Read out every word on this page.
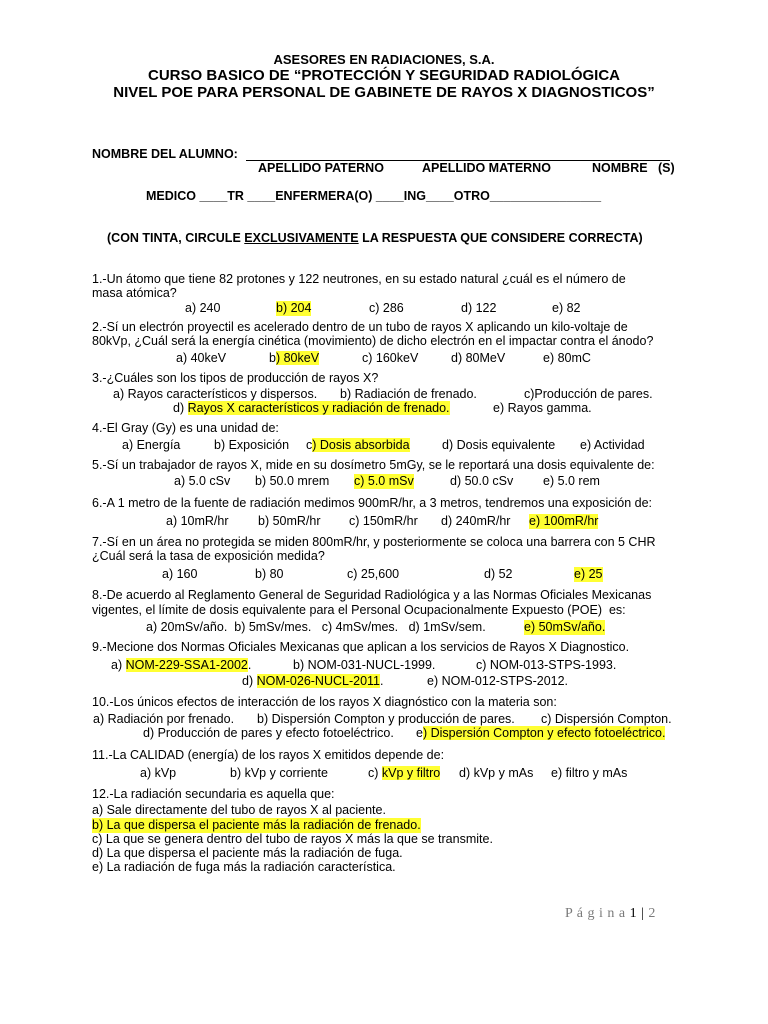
ASESORES EN RADIACIONES, S.A.
CURSO BASICO DE “PROTECCIÓN Y SEGURIDAD RADIOLÓGICA
NIVEL POE PARA PERSONAL DE GABINETE DE RAYOS X DIAGNOSTICOS”
NOMBRE DEL ALUMNO:
APELLIDO PATERNO	APELLIDO MATERNO	NOMBRE   (S)
MEDICO ____TR ____ENFERMERA(O) ____ING____OTRO________________
(CON TINTA, CIRCULE EXCLUSIVAMENTE LA RESPUESTA QUE CONSIDERE CORRECTA)
1.-Un átomo que tiene 82 protones y 122 neutrones, en su estado natural ¿cuál es el número de
masa atómica?
a) 240	b) 204	c) 286	d) 122	e) 82
2.-Sí un electrón proyectil es acelerado dentro de un tubo de rayos X aplicando un kilo-voltaje de
80kVp, ¿Cuál será la energía cinética (movimiento) de dicho electrón en el impactar contra el ánodo?
a) 40keV	b) 80keV	c) 160keV	d) 80MeV	e) 80mC
3.-¿Cuáles son los tipos de producción de rayos X?
a) Rayos característicos y dispersos. b) Radiación de frenado.	c)Producción de pares.
d) Rayos X característicos y radiación de frenado.	e) Rayos gamma.
4.-El Gray (Gy) es una unidad de:
a) Energía	b) Exposición c) Dosis absorbida	d) Dosis equivalente e) Actividad
5.-Sí un trabajador de rayos X, mide en su dosímetro 5mGy, se le reportará una dosis equivalente de:
a) 5.0 cSv b) 50.0 mrem c) 5.0 mSv	d) 50.0 cSv e) 5.0 rem
6.-A 1 metro de la fuente de radiación medimos 900mR/hr, a 3 metros, tendremos una exposición de:
a) 10mR/hr b) 50mR/hr c) 150mR/hr d) 240mR/hr e) 100mR/hr
7.-Sí en un área no protegida se miden 800mR/hr, y posteriormente se coloca una barrera con 5 CHR
¿Cuál será la tasa de exposición medida?
a) 160	b) 80	c) 25,600	d) 52	e) 25
8.-De acuerdo al Reglamento General de Seguridad Radiológica y a las Normas Oficiales Mexicanas
vigentes, el límite de dosis equivalente para el Personal Ocupacionalmente Expuesto (POE)  es:
a) 20mSv/año.  b) 5mSv/mes.   c) 4mSv/mes.   d) 1mSv/sem.	e) 50mSv/año.
9.-Mecione dos Normas Oficiales Mexicanas que aplican a los servicios de Rayos X Diagnostico.
a) NOM-229-SSA1-2002.	b) NOM-031-NUCL-1999.	c) NOM-013-STPS-1993.
d) NOM-026-NUCL-2011.	e) NOM-012-STPS-2012.
10.-Los únicos efectos de interacción de los rayos X diagnóstico con la materia son:
a) Radiación por frenado. b) Dispersión Compton y producción de pares. c) Dispersión Compton.
d) Producción de pares y efecto fotoeléctrico. e) Dispersión Compton y efecto fotoeléctrico.
11.-La CALIDAD (energía) de los rayos X emitidos depende de:
a) kVp	b) kVp y corriente	c) kVp y filtro d) kVp y mAs e) filtro y mAs
12.-La radiación secundaria es aquella que:
a) Sale directamente del tubo de rayos X al paciente.
b) La que dispersa el paciente más la radiación de frenado.
c) La que se genera dentro del tubo de rayos X más la que se transmite.
d) La que dispersa el paciente más la radiación de fuga.
e) La radiación de fuga más la radiación característica.
P á g i n a 1 | 2
